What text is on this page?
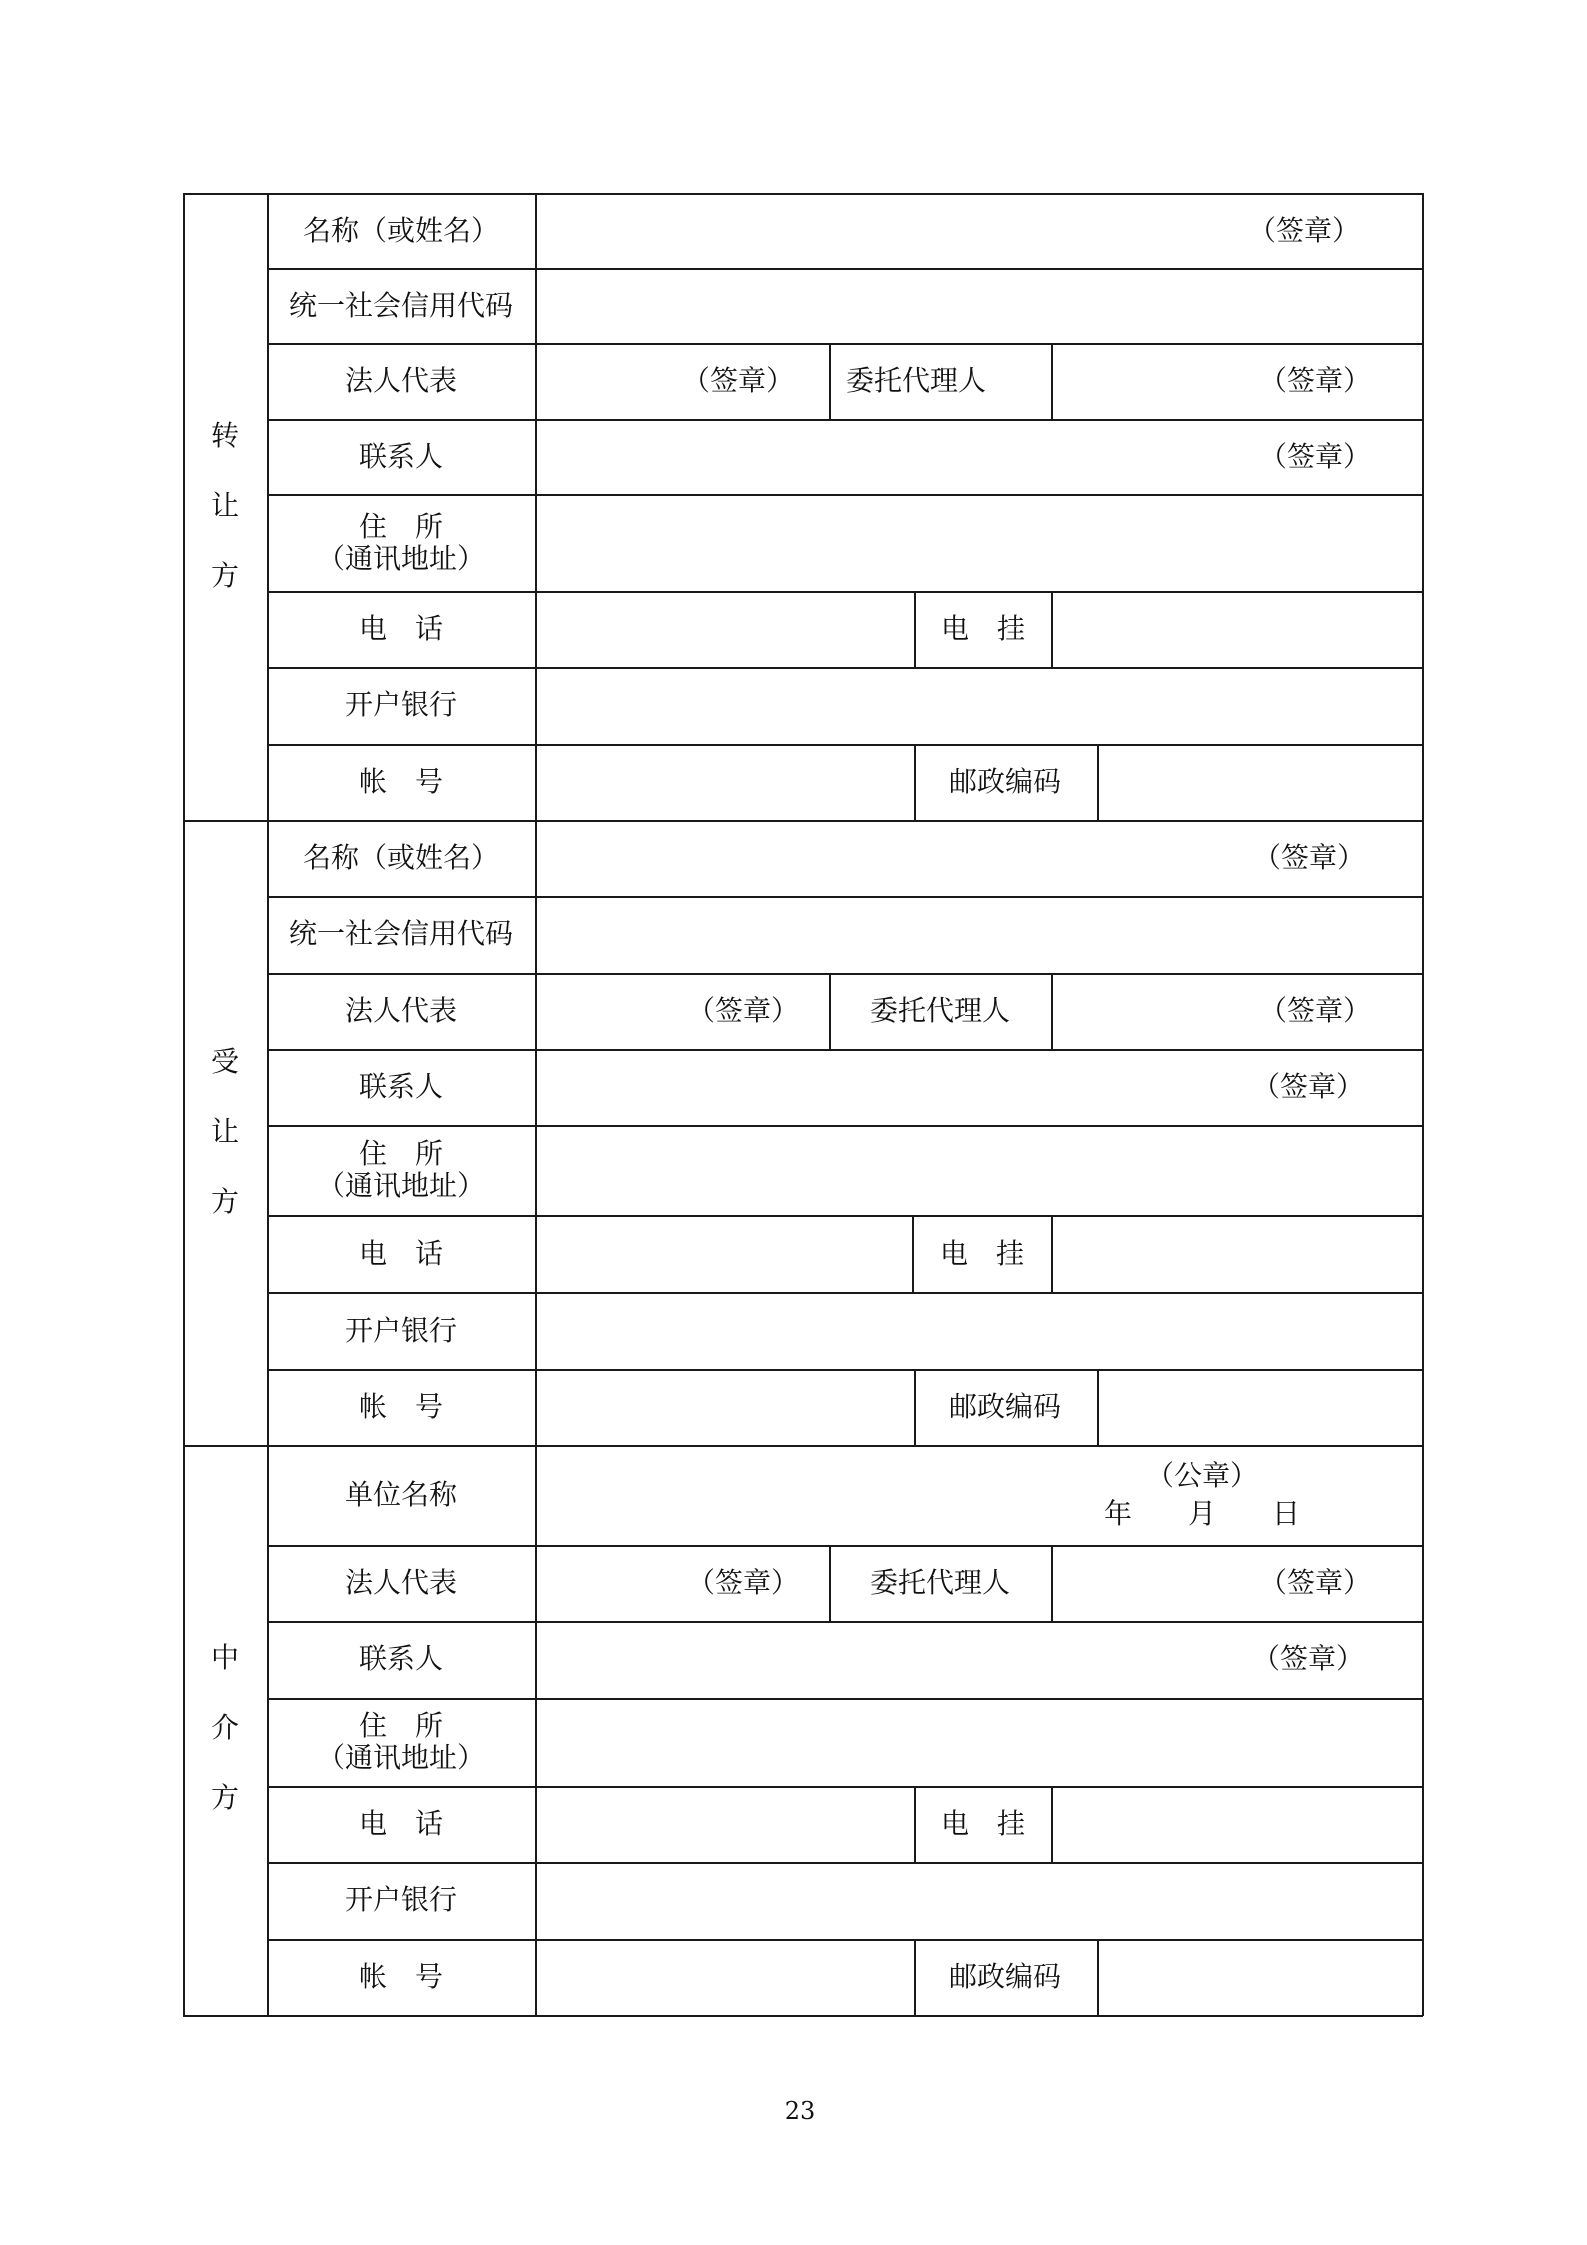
转
让
方
名称（或姓名）	（签章）
统一社会信用代码
法人代表	（签章） 委托代理人	（签章）
联系人	（签章）
住　所
（通讯地址）
电　话	电　挂
开户银行
帐　号	邮政编码
受
让
方
名称（或姓名）	（签章）
统一社会信用代码
法人代表	（签章）	委托代理人	（签章）
联系人	（签章）
住　所
（通讯地址）
电　话	电　挂
开户银行
帐　号	邮政编码
中
介
方
单位名称
（公章）
年　　月　　日
法人代表	（签章）	委托代理人	（签章）
联系人	（签章）
住　所
（通讯地址）
电　话	电　挂
开户银行
帐　号	邮政编码
23
